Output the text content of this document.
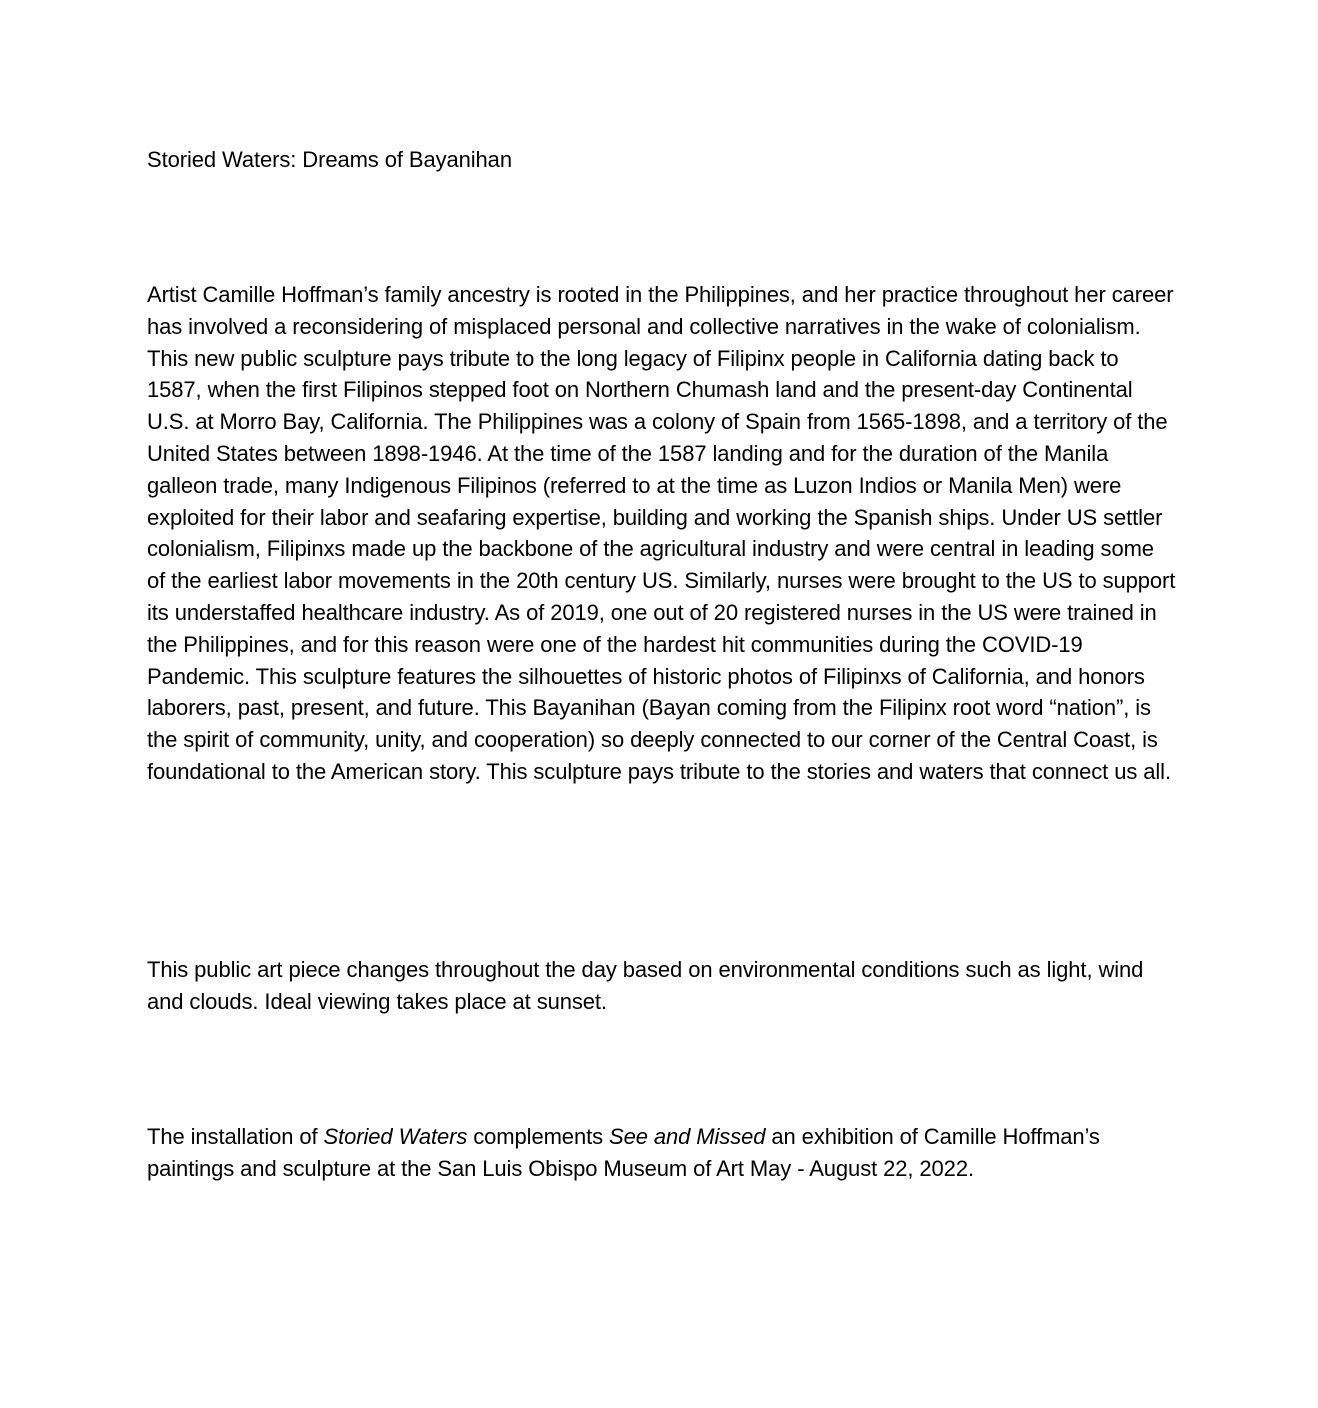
Storied Waters: Dreams of Bayanihan

Artist Camille Hoffman’s family ancestry is rooted in the Philippines, and her practice throughout her career has involved a reconsidering of misplaced personal and collective narratives in the wake of colonialism. This new public sculpture pays tribute to the long legacy of Filipinx people in California dating back to 1587, when the first Filipinos stepped foot on Northern Chumash land and the present-day Continental U.S. at Morro Bay, California. The Philippines was a colony of Spain from 1565-1898, and a territory of the United States between 1898-1946. At the time of the 1587 landing and for the duration of the Manila galleon trade, many Indigenous Filipinos (referred to at the time as Luzon Indios or Manila Men) were exploited for their labor and seafaring expertise, building and working the Spanish ships. Under US settler colonialism, Filipinxs made up the backbone of the agricultural industry and were central in leading some of the earliest labor movements in the 20th century US. Similarly, nurses were brought to the US to support its understaffed healthcare industry. As of 2019, one out of 20 registered nurses in the US were trained in the Philippines, and for this reason were one of the hardest hit communities during the COVID-19 Pandemic. This sculpture features the silhouettes of historic photos of Filipinxs of California, and honors laborers, past, present, and future. This Bayanihan (Bayan coming from the Filipinx root word “nation”, is the spirit of community, unity, and cooperation) so deeply connected to our corner of the Central Coast, is foundational to the American story. This sculpture pays tribute to the stories and waters that connect us all.

This public art piece changes throughout the day based on environmental conditions such as light, wind and clouds. Ideal viewing takes place at sunset.

The installation of Storied Waters complements See and Missed an exhibition of Camille Hoffman’s paintings and sculpture at the San Luis Obispo Museum of Art May - August 22, 2022.
